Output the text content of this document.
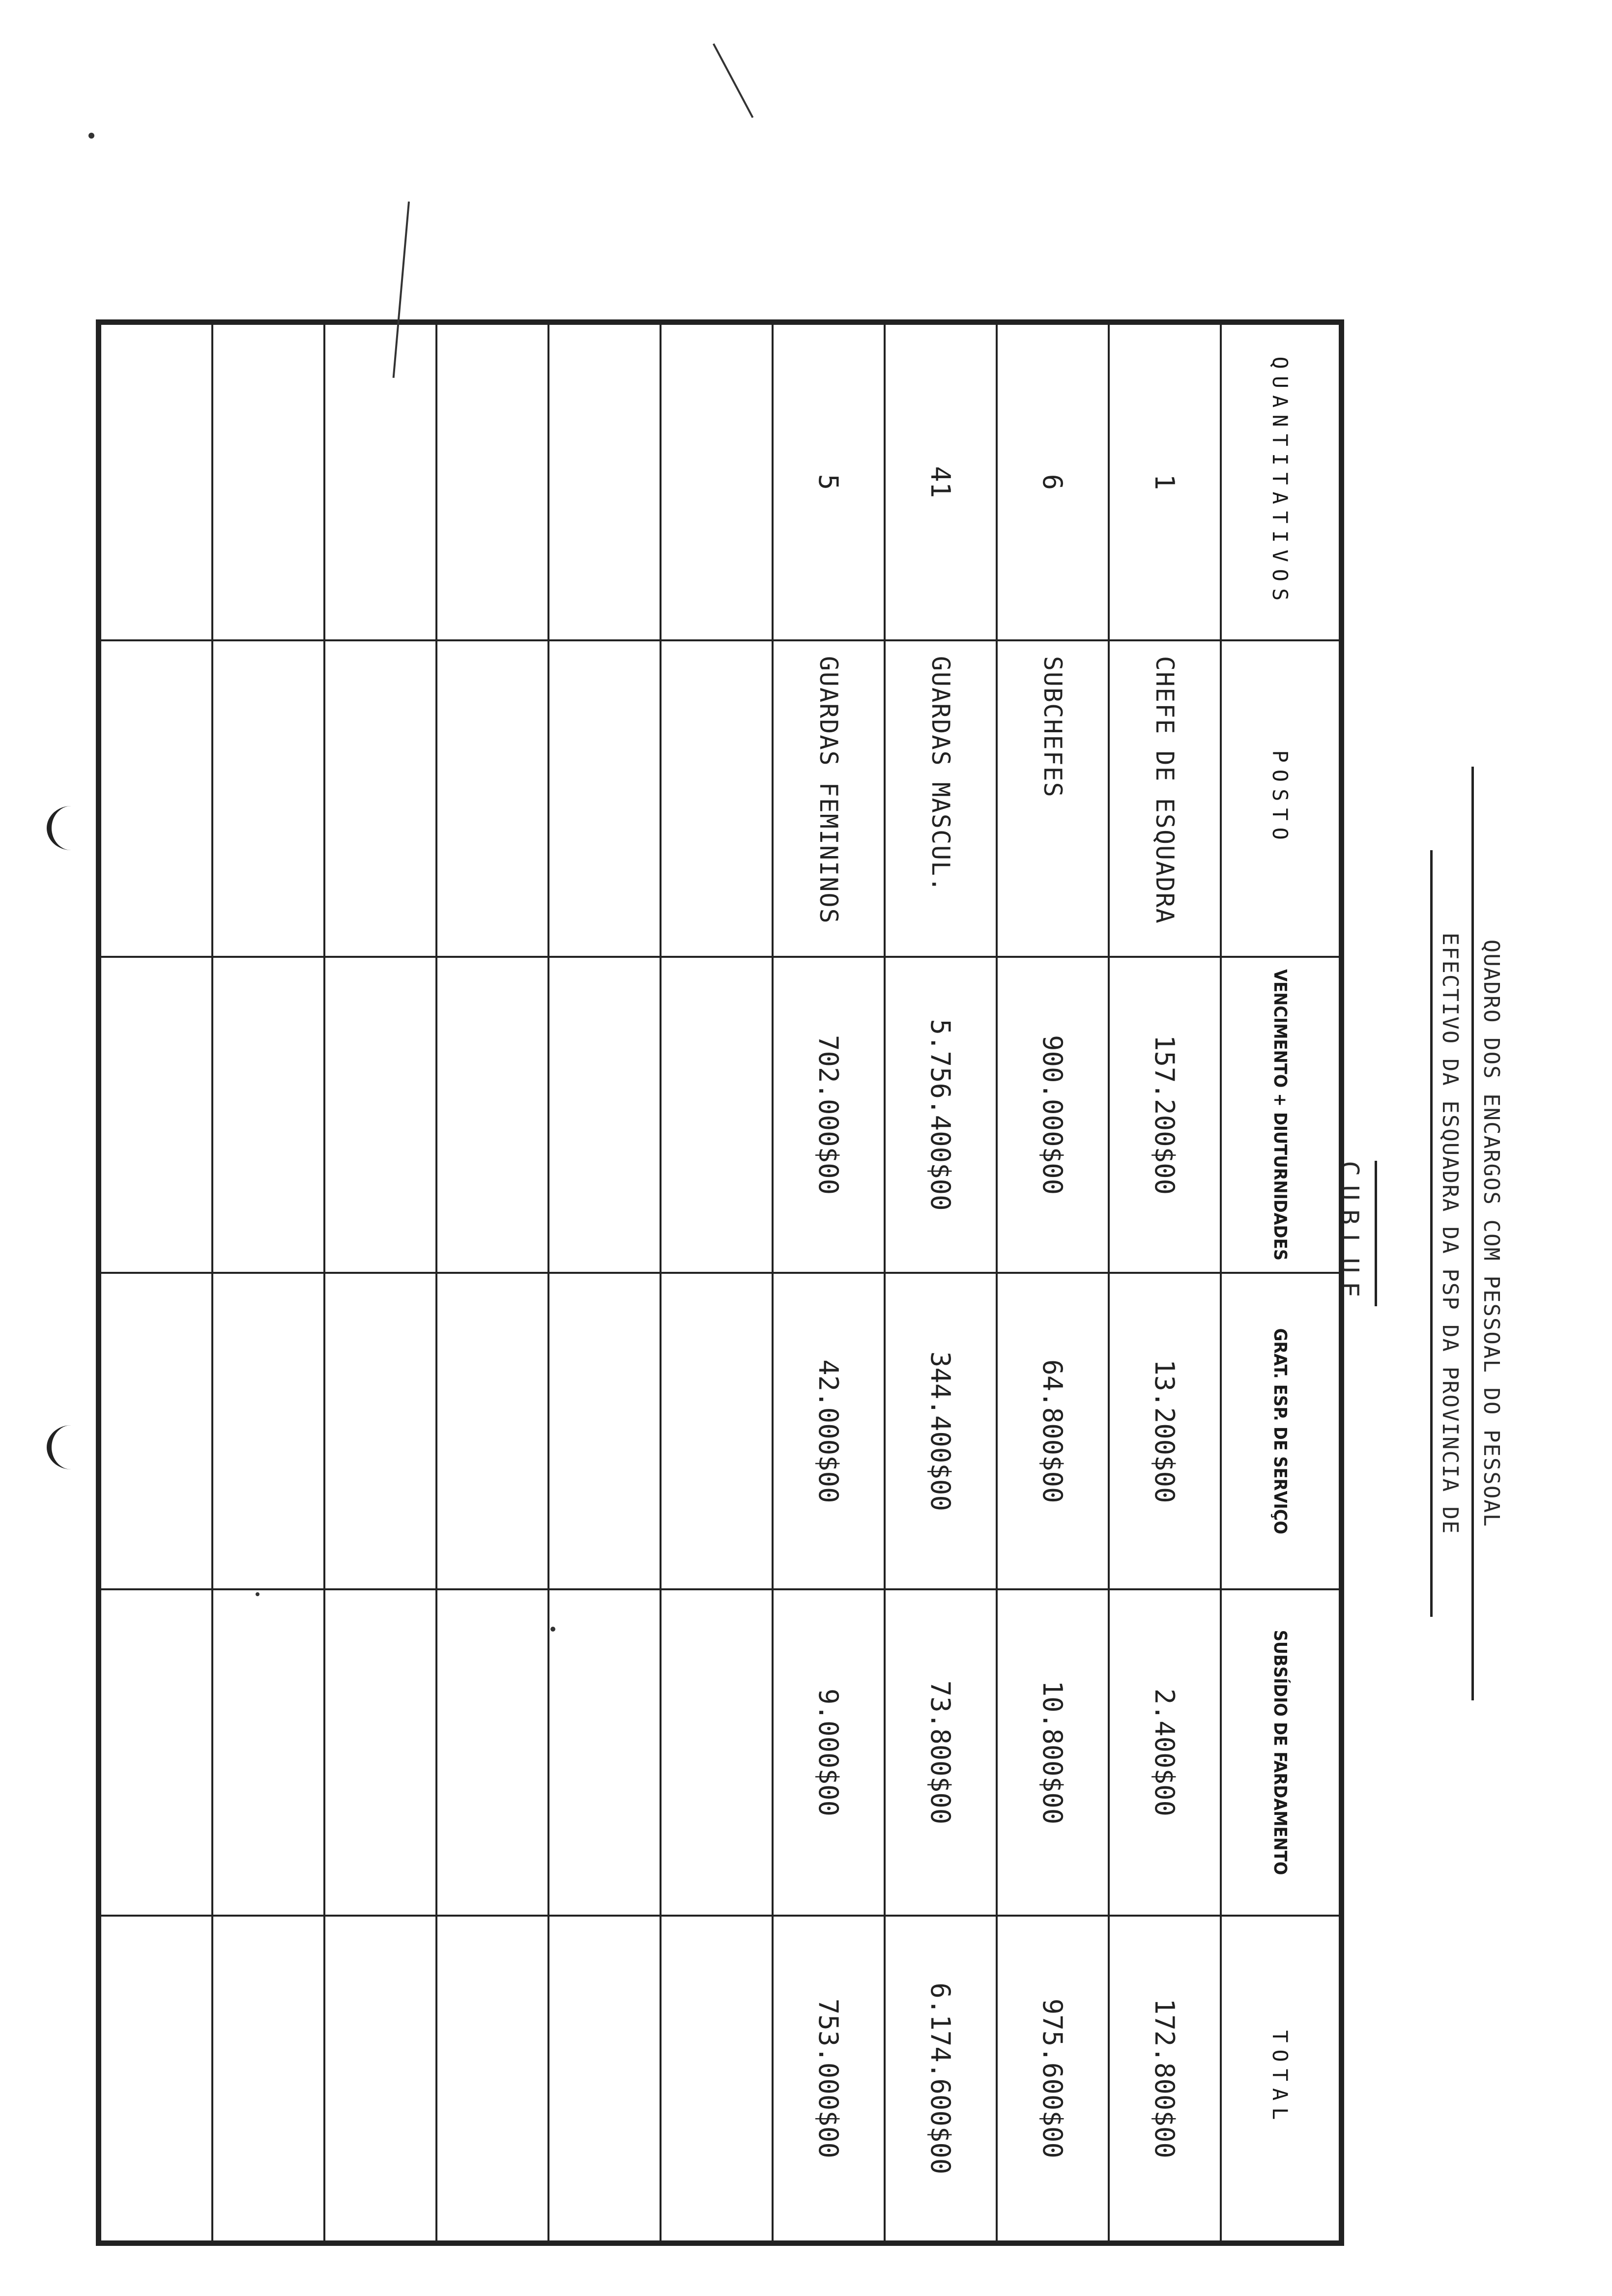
QUADRO DOS ENCARGOS COM PESSOAL DO PESSOAL
EFECTIVO DA ESQUADRA DA PSP DA PROVINCIA DE
CUBLUE
QUANTITATIVOS	POSTO	VENCIMENTO + DIUTURNIDADES	GRAT. ESP. DE SERVIÇO	SUBSÍDIO DE FARDAMENTO	TOTAL
1	CHEFE DE ESQUADRA	157.200$00	13.200$00	2.400$00	172.800$00
6	SUBCHEFES	900.000$00	64.800$00	10.800$00	975.600$00
41	GUARDAS MASCUL.	5.756.400$00	344.400$00	73.800$00	6.174.600$00
5	GUARDAS FEMININOS	702.000$00	42.000$00	9.000$00	753.000$00
